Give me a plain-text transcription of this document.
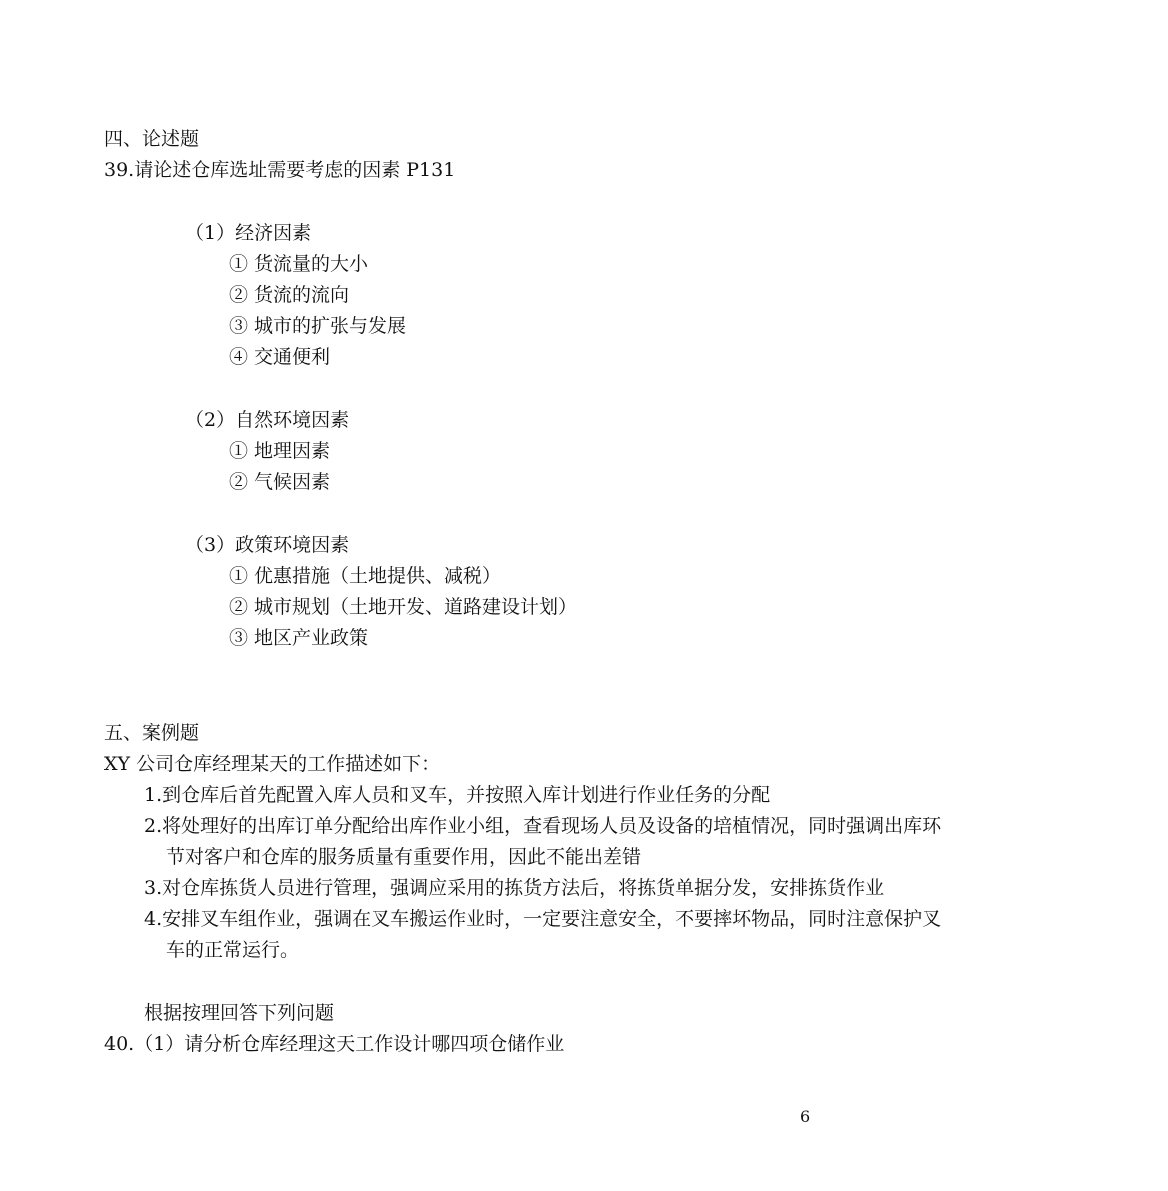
四、论述题
39.请论述仓库选址需要考虑的因素 P131
（1）经济因素
① 货流量的大小
② 货流的流向
③ 城市的扩张与发展
④ 交通便利
（2）自然环境因素
① 地理因素
② 气候因素
（3）政策环境因素
① 优惠措施（土地提供、减税）
② 城市规划（土地开发、道路建设计划）
③ 地区产业政策
五、案例题
XY 公司仓库经理某天的工作描述如下：
1.到仓库后首先配置入库人员和叉车，并按照入库计划进行作业任务的分配
2.将处理好的出库订单分配给出库作业小组，查看现场人员及设备的培植情况，同时强调出库环
节对客户和仓库的服务质量有重要作用，因此不能出差错
3.对仓库拣货人员进行管理，强调应采用的拣货方法后，将拣货单据分发，安排拣货作业
4.安排叉车组作业，强调在叉车搬运作业时，一定要注意安全，不要摔坏物品，同时注意保护叉
车的正常运行。
根据按理回答下列问题
40.（1）请分析仓库经理这天工作设计哪四项仓储作业
6
